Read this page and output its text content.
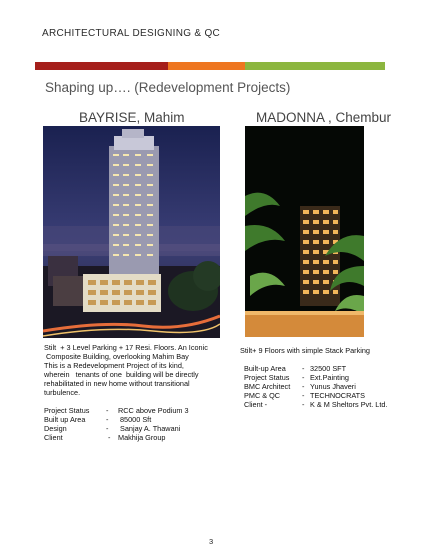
ARCHITECTURAL DESIGNING & QC
Shaping up…. (Redevelopment Projects)
BAYRISE, Mahim
Stilt  + 3 Level Parking + 17 Resi. Floors. An Iconic
Composite Building, overlooking Mahim Bay
This is a Redevelopment Project of its kind,
wherein   tenants of one  building will be directly
rehabilitated in new home without transitional
turbulence.
Project Status	-	RCC above Podium 3
Built up Area	-	85000 Sft
Design	-	Sanjay A. Thawani
Client	-	Makhija Group
MADONNA , Chembur
Stilt+ 9 Floors with simple Stack Parking
Built-up Area	- 32500 SFT
Project Status	- Ext.Painting
BMC Architect	- Yunus Jhaveri
PMC & QC	- TECHNOCRATS
Client -	- K & M Sheltors Pvt. Ltd.
3
